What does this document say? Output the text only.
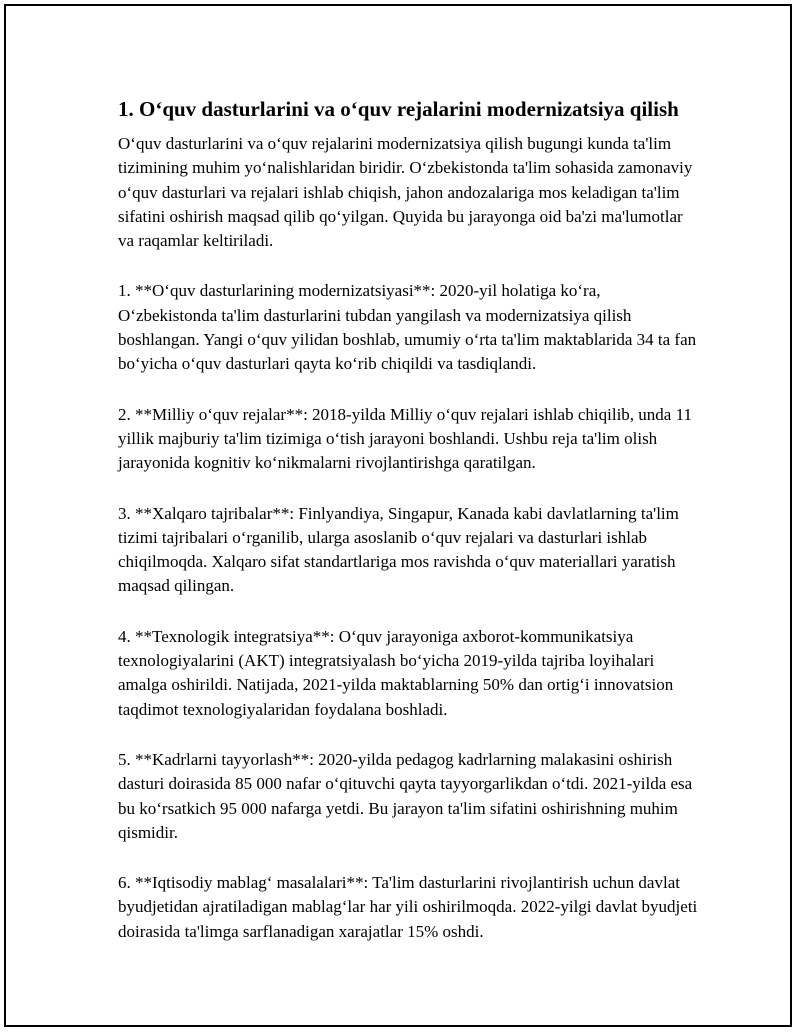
1. O‘quv dasturlarini va o‘quv rejalarini modernizatsiya qilish

O‘quv dasturlarini va o‘quv rejalarini modernizatsiya qilish bugungi kunda ta'lim tizimining muhim yo‘nalishlaridan biridir. O‘zbekistonda ta'lim sohasida zamonaviy o‘quv dasturlari va rejalari ishlab chiqish, jahon andozalariga mos keladigan ta'lim sifatini oshirish maqsad qilib qo‘yilgan. Quyida bu jarayonga oid ba'zi ma'lumotlar va raqamlar keltiriladi.

1. **O‘quv dasturlarining modernizatsiyasi**: 2020-yil holatiga ko‘ra, O‘zbekistonda ta'lim dasturlarini tubdan yangilash va modernizatsiya qilish boshlangan. Yangi o‘quv yilidan boshlab, umumiy o‘rta ta'lim maktablarida 34 ta fan bo‘yicha o‘quv dasturlari qayta ko‘rib chiqildi va tasdiqlandi.

2. **Milliy o‘quv rejalar**: 2018-yilda Milliy o‘quv rejalari ishlab chiqilib, unda 11 yillik majburiy ta'lim tizimiga o‘tish jarayoni boshlandi. Ushbu reja ta'lim olish jarayonida kognitiv ko‘nikmalarni rivojlantirishga qaratilgan.

3. **Xalqaro tajribalar**: Finlyandiya, Singapur, Kanada kabi davlatlarning ta'lim tizimi tajribalari o‘rganilib, ularga asoslanib o‘quv rejalari va dasturlari ishlab chiqilmoqda. Xalqaro sifat standartlariga mos ravishda o‘quv materiallari yaratish maqsad qilingan.

4. **Texnologik integratsiya**: O‘quv jarayoniga axborot-kommunikatsiya texnologiyalarini (AKT) integratsiyalash bo‘yicha 2019-yilda tajriba loyihalari amalga oshirildi. Natijada, 2021-yilda maktablarning 50% dan ortig‘i innovatsion taqdimot texnologiyalaridan foydalana boshladi.

5. **Kadrlarni tayyorlash**: 2020-yilda pedagog kadrlarning malakasini oshirish dasturi doirasida 85 000 nafar o‘qituvchi qayta tayyorgarlikdan o‘tdi. 2021-yilda esa bu ko‘rsatkich 95 000 nafarga yetdi. Bu jarayon ta'lim sifatini oshirishning muhim qismidir.

6. **Iqtisodiy mablag‘ masalalari**: Ta'lim dasturlarini rivojlantirish uchun davlat byudjetidan ajratiladigan mablag‘lar har yili oshirilmoqda. 2022-yilgi davlat byudjeti doirasida ta'limga sarflanadigan xarajatlar 15% oshdi.
